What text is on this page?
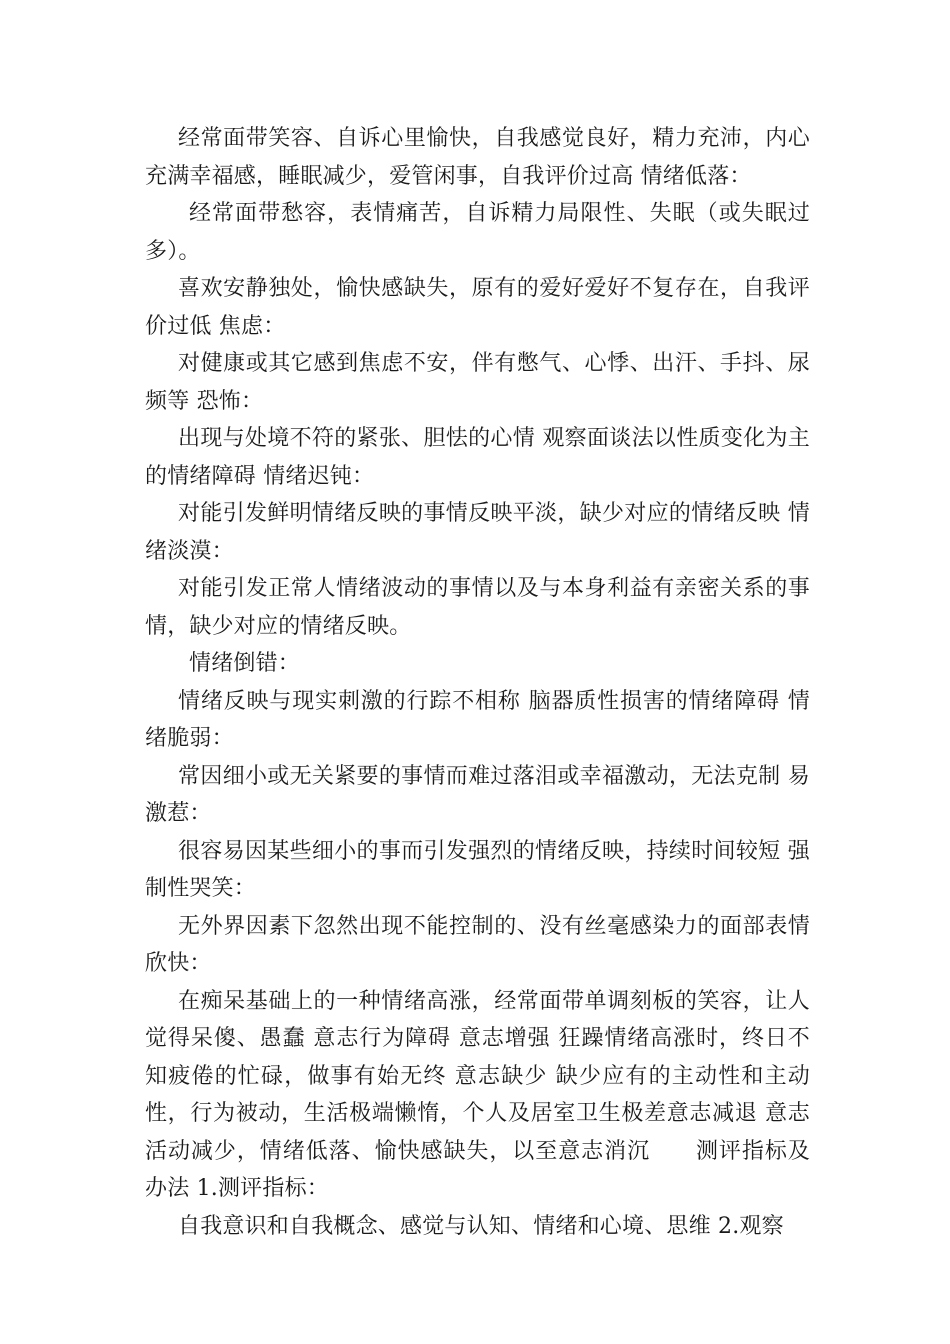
经常面带笑容、自诉心里愉快，自我感觉良好，精力充沛，内心充满幸福感，睡眠减少，爱管闲事，自我评价过高 情绪低落：

经常面带愁容，表情痛苦，自诉精力局限性、失眠（或失眠过多）。

喜欢安静独处，愉快感缺失，原有的爱好爱好不复存在，自我评价过低 焦虑：

对健康或其它感到焦虑不安，伴有憋气、心悸、出汗、手抖、尿频等 恐怖：

出现与处境不符的紧张、胆怯的心情 观察面谈法以性质变化为主的情绪障碍 情绪迟钝：

对能引发鲜明情绪反映的事情反映平淡，缺少对应的情绪反映 情绪淡漠：

对能引发正常人情绪波动的事情以及与本身利益有亲密关系的事情，缺少对应的情绪反映。

情绪倒错：

情绪反映与现实刺激的行踪不相称 脑器质性损害的情绪障碍 情绪脆弱：

常因细小或无关紧要的事情而难过落泪或幸福激动，无法克制 易激惹：

很容易因某些细小的事而引发强烈的情绪反映，持续时间较短 强制性哭笑：

无外界因素下忽然出现不能控制的、没有丝毫感染力的面部表情 欣快：

在痴呆基础上的一种情绪高涨，经常面带单调刻板的笑容，让人觉得呆傻、愚蠢 意志行为障碍 意志增强 狂躁情绪高涨时，终日不知疲倦的忙碌，做事有始无终 意志缺少 缺少应有的主动性和主动性，行为被动，生活极端懒惰，个人及居室卫生极差意志减退 意志活动减少，情绪低落、愉快感缺失，以至意志消沉　　测评指标及办法 1.测评指标：

自我意识和自我概念、感觉与认知、情绪和心境、思维 2.观察
